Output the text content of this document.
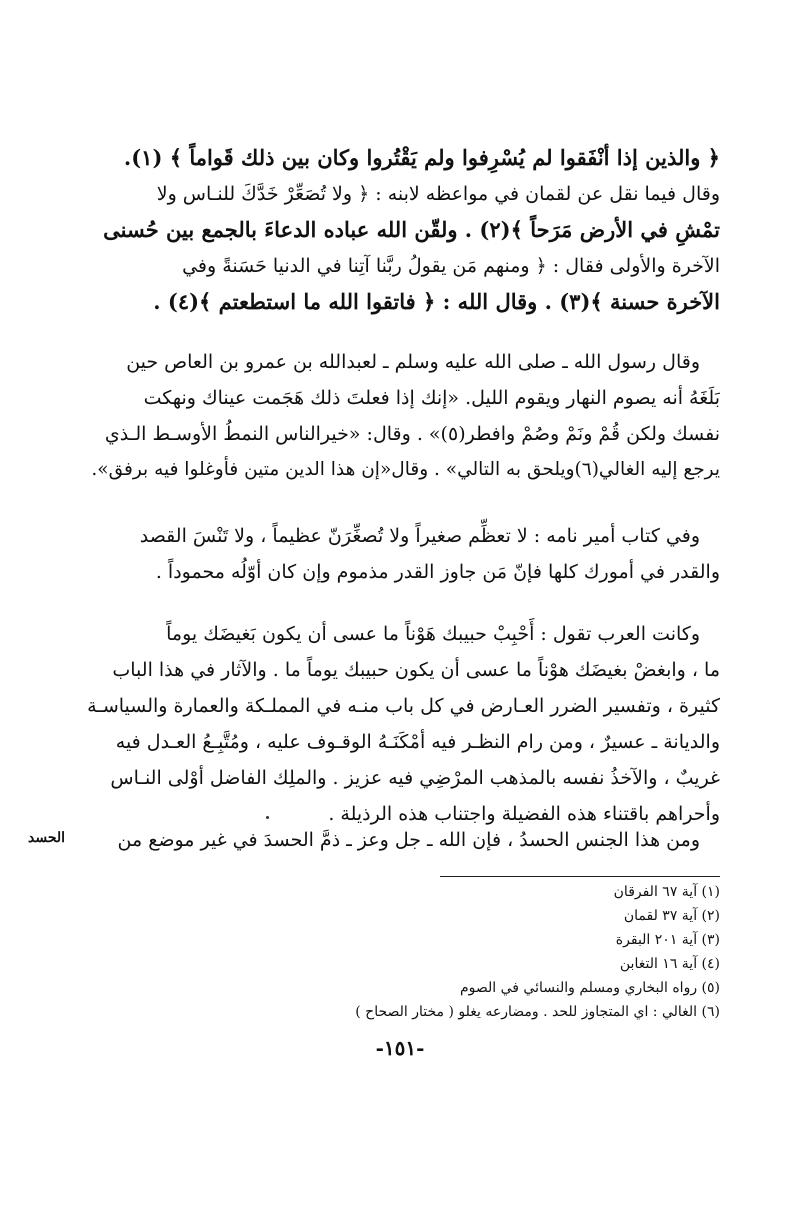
﴿ والذين إذا أنْفَقوا لم يُسْرِفوا ولم يَقْتُروا وكان بين ذلك قَواماً ﴾ (١).
وقال فيما نقل عن لقمان في مواعظه لابنه : ﴿ ولا تُصَعِّرْ خَدَّكَ للنـاس ولا
تمْشِ في الأرض مَرَحاً ﴾(٢) . ولقّن الله عباده الدعاءَ بالجمع بين حُسنى
الآخرة والأولى فقال : ﴿ ومنهم مَن يقولُ ربَّنا آتِنا في الدنيا حَسَنةً وفي
الآخرة حسنة ﴾(٣) . وقال الله : ﴿ فاتقوا الله ما استطعتم ﴾(٤) .
وقال رسول الله ـ صلى الله عليه وسلم ـ لعبدالله بن عمرو بن العاص حين
بَلَغَهُ أنه يصوم النهار ويقوم الليل. «إنك إذا فعلتَ ذلك هَجَمت عيناك ونهكت
نفسك ولكن قُمْ ونَمْ وصُمْ وافطر(٥)» . وقال: «خيرالناس النمطُ الأوسـط الـذي
يرجع إليه الغالي(٦)ويلحق به التالي» . وقال«إن هذا الدين متين فأوغلوا فيه برفق».
وفي كتاب أمير نامه : لا تعظِّم صغيراً ولا تُصغِّرَنّ عظيماً ، ولا تَنْسَ القصد
والقدر في أمورك كلها فإنّ مَن جاوز القدر مذموم وإن كان أوّلُه محموداً .
وكانت العرب تقول : أَحْبِبْ حبيبك هَوْناً ما عسى أن يكون بَغيضَك يوماً
ما ، وابغضْ بغيضَك هوْناً ما عسى أن يكون حبيبك يوماً ما . والآثار في هذا الباب
كثيرة ، وتفسير الضرر العـارض في كل باب منـه في المملـكة والعمارة والسياسـة
والديانة ـ عسيرٌ ، ومن رام النظـر فيه أمْكَنَـهُ الوقـوف عليه ، ومُتَّبِـعُ العـدل فيه
غريبٌ ، والآخذُ نفسه بالمذهب المرْضِي فيه عزيز . والملِك الفاضل أوْلى النـاس
وأحراهم باقتناء هذه الفضيلة واجتناب هذه الرذيلة .
ومن هذا الجنس الحسدُ ، فإن الله ـ جل وعز ـ ذمَّ الحسدَ في غير موضع من
الحسد
(١) آية ٦٧ الفرقان
(٢) آية ٣٧ لقمان
(٣) آية ٢٠١ البقرة
(٤) آية ١٦ التغابن
(٥) رواه البخاري ومسلم والنسائي في الصوم
(٦) الغالي : اي المتجاوز للحد . ومضارعه يغلو ( مختار الصحاح )
-١٥١-
